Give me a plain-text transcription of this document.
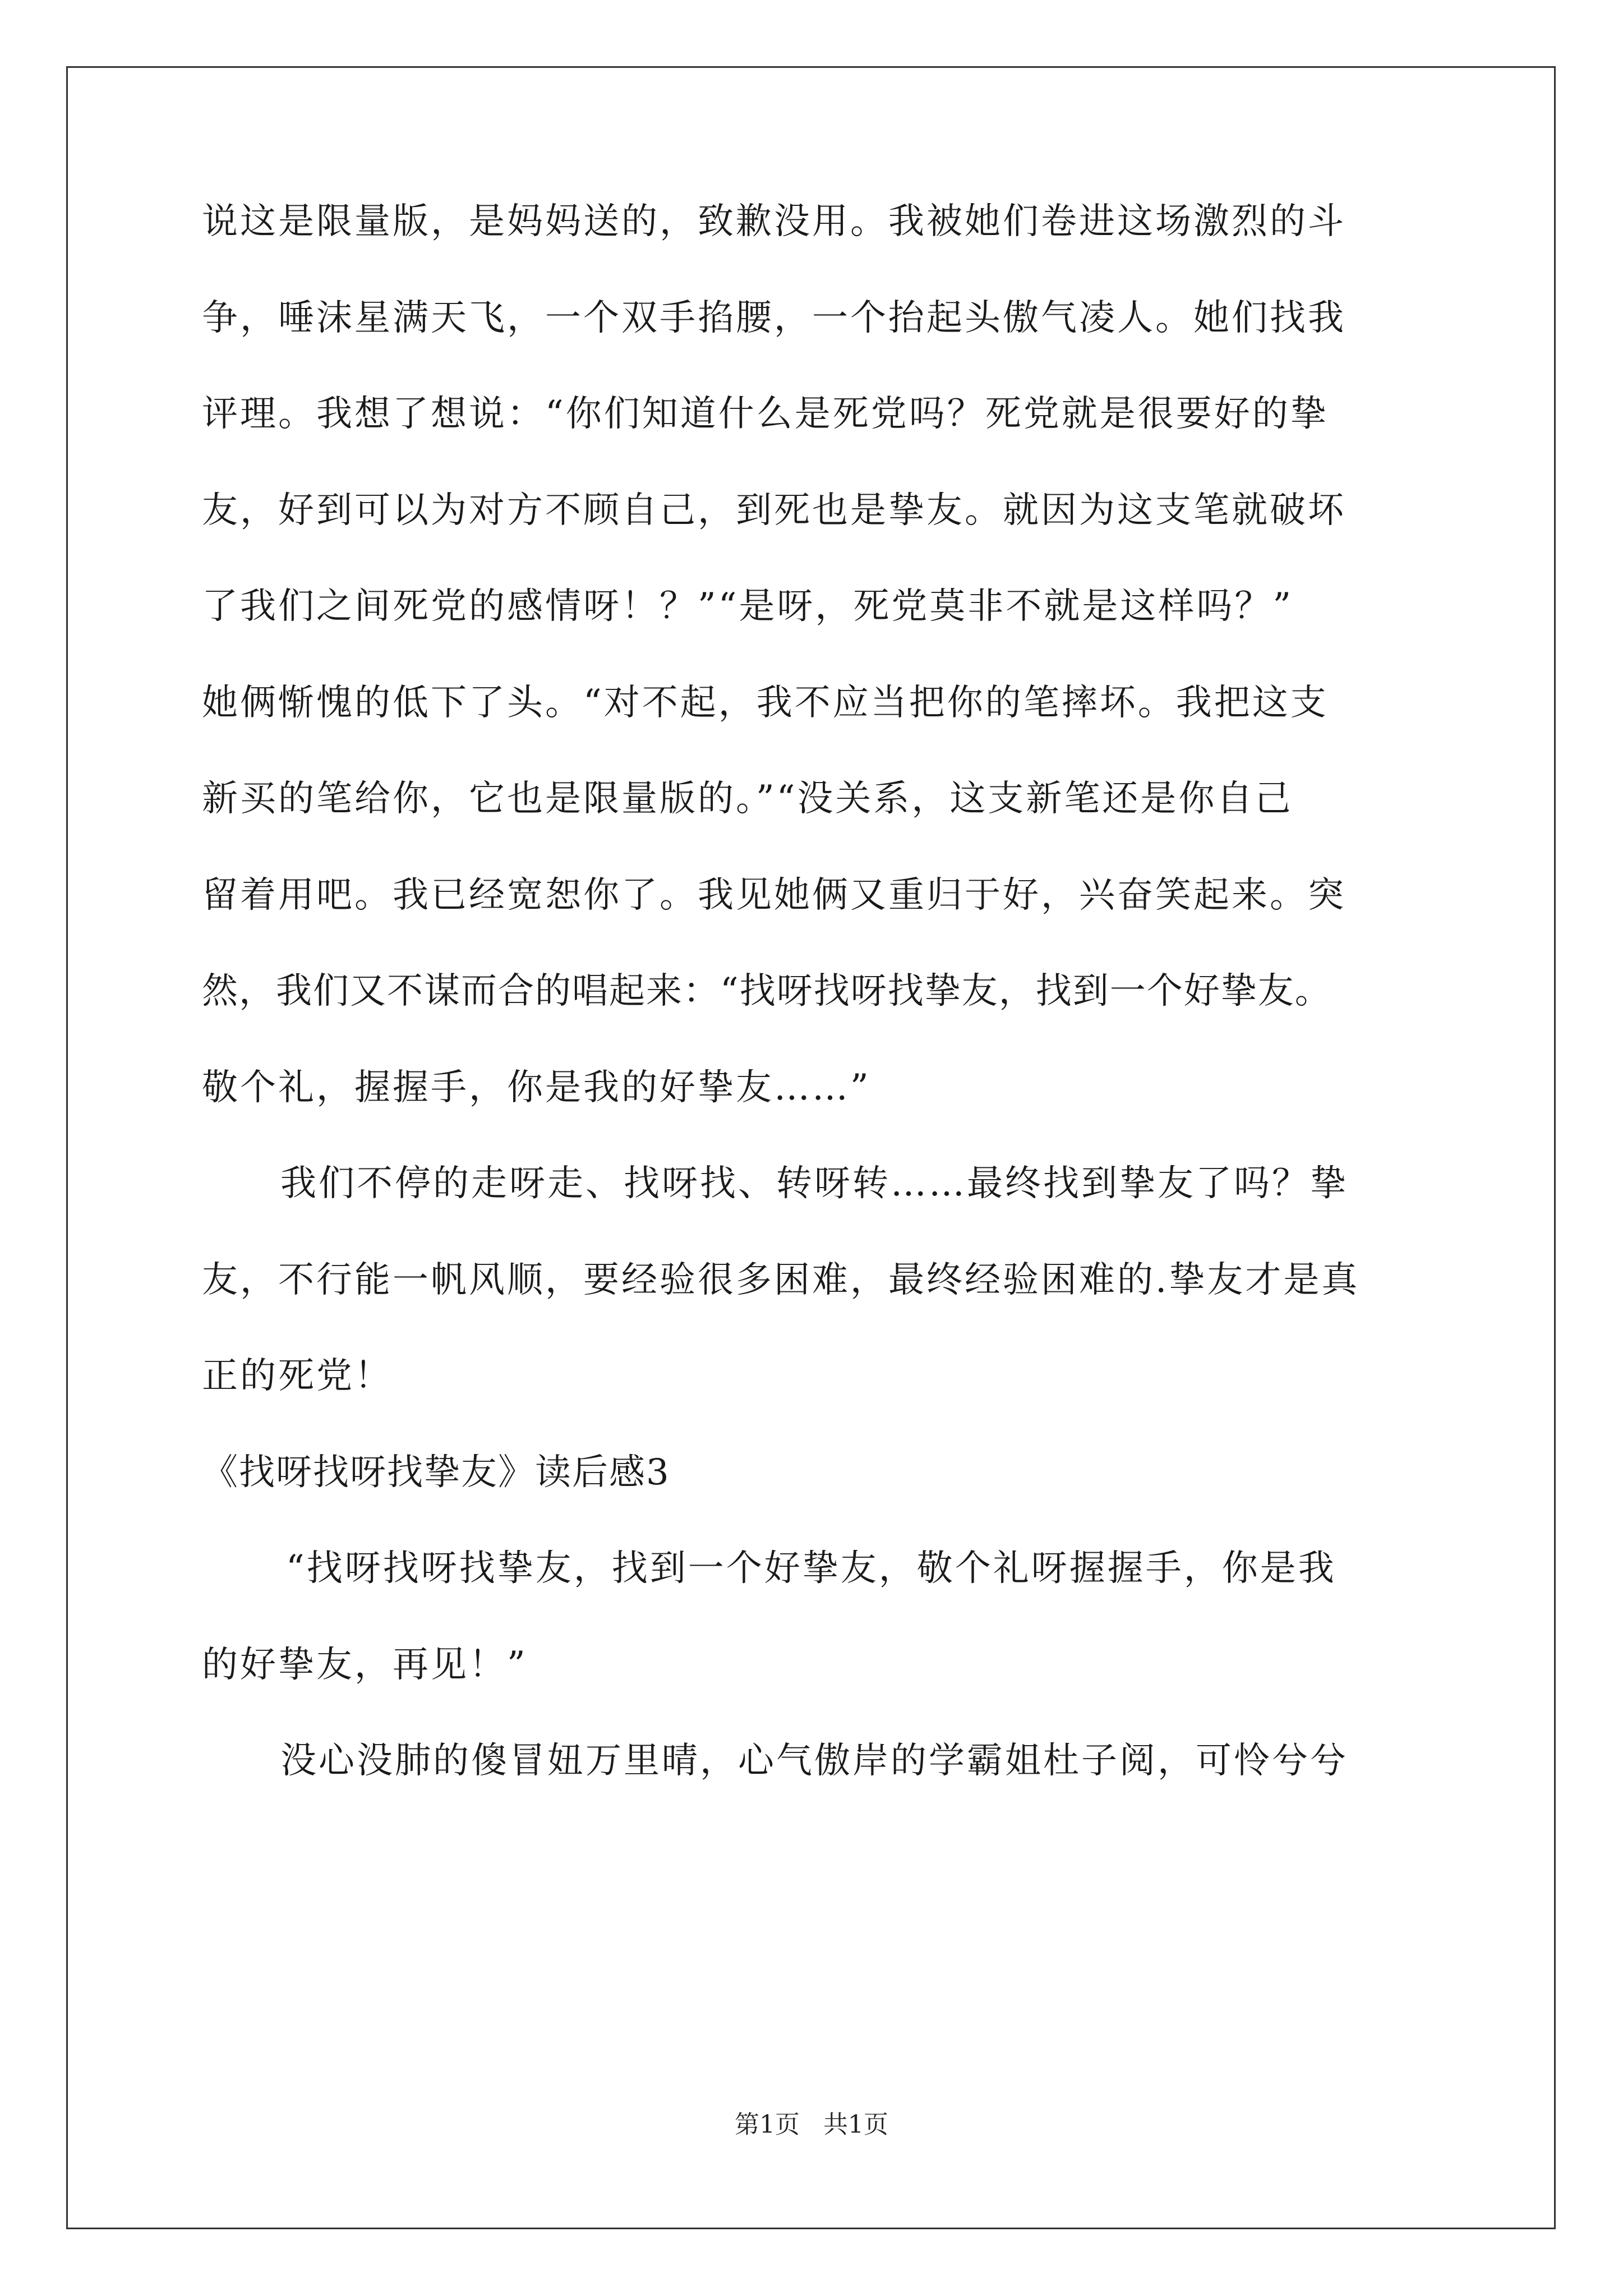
说这是限量版，是妈妈送的，致歉没用。我被她们卷进这场激烈的斗
争，唾沫星满天飞，一个双手掐腰，一个抬起头傲气凌人。她们找我
评理。我想了想说：“你们知道什么是死党吗？死党就是很要好的挚
友，好到可以为对方不顾自己，到死也是挚友。就因为这支笔就破坏
了我们之间死党的感情呀！？”“是呀，死党莫非不就是这样吗？”
她俩惭愧的低下了头。“对不起，我不应当把你的笔摔坏。我把这支
新买的笔给你，它也是限量版的。”“没关系，这支新笔还是你自己
留着用吧。我已经宽恕你了。我见她俩又重归于好，兴奋笑起来。突
然，我们又不谋而合的唱起来：“找呀找呀找挚友，找到一个好挚友。
敬个礼，握握手，你是我的好挚友……”
我们不停的走呀走、找呀找、转呀转……最终找到挚友了吗？挚
友，不行能一帆风顺，要经验很多困难，最终经验困难的.挚友才是真
正的死党！
《找呀找呀找挚友》读后感3
“找呀找呀找挚友，找到一个好挚友，敬个礼呀握握手，你是我
的好挚友，再见！”
没心没肺的傻冒妞万里晴，心气傲岸的学霸姐杜子阅，可怜兮兮
第1页 共1页
